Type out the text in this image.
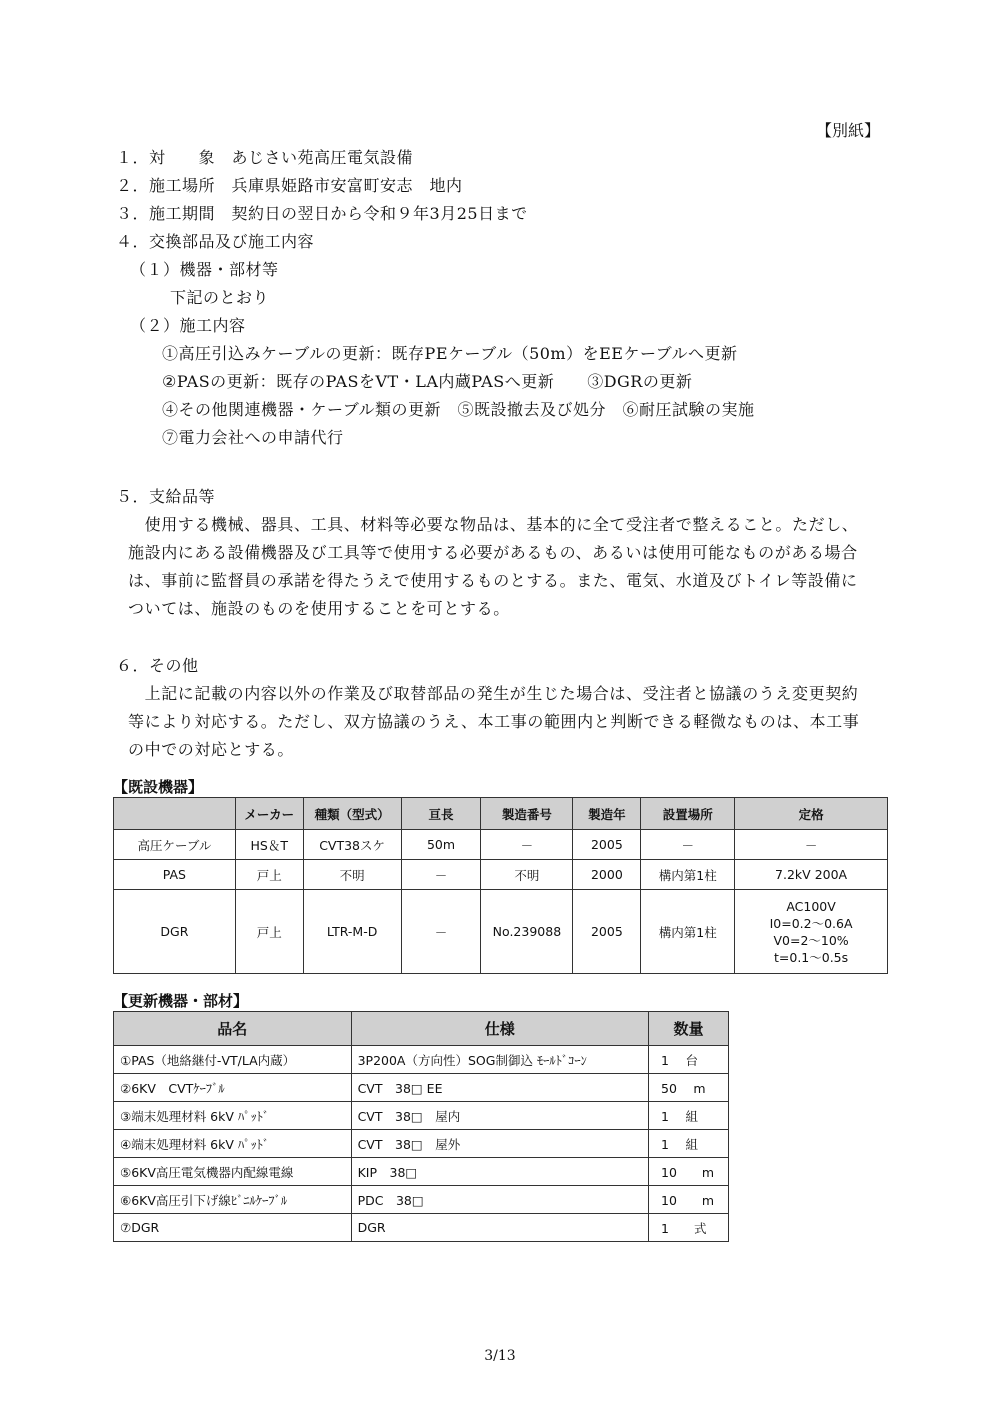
【別紙】
１．対　　象　 あじさい苑高圧電気設備
２．施工場所　 兵庫県姫路市安富町安志　地内
３．施工期間　 契約日の翌日から令和９年3月25日まで
４．交換部品及び施工内容
（１）機器・部材等
下記のとおり
（２）施工内容
①高圧引込みケーブルの更新：既存PEケーブル（50m）をEEケーブルへ更新
②PASの更新：既存のPASをVT・LA内蔵PASへ更新　　③DGRの更新
④その他関連機器・ケーブル類の更新　⑤既設撤去及び処分　⑥耐圧試験の実施
⑦電力会社への申請代行
５．支給品等
　使用する機械、器具、工具、材料等必要な物品は、基本的に全て受注者で整えること。ただし、
施設内にある設備機器及び工具等で使用する必要があるもの、あるいは使用可能なものがある場合
は、事前に監督員の承諾を得たうえで使用するものとする。また、電気、水道及びトイレ等設備に
ついては、施設のものを使用することを可とする。
６．その他
　上記に記載の内容以外の作業及び取替部品の発生が生じた場合は、受注者と協議のうえ変更契約
等により対応する。ただし、双方協議のうえ、本工事の範囲内と判断できる軽微なものは、本工事
の中での対応とする。
【既設機器】
	メーカー	種類（型式）	亘長	製造番号	製造年	設置場所	定格
高圧ケーブル	HS＆T	CVT38スケ	50m	－	2005	－	－
PAS	戸上	不明	－	不明	2000	構内第1柱	7.2kV 200A
DGR	戸上	LTR-M-D	－	No.239088	2005	構内第1柱	AC100V
I0=0.2～0.6A
V0=2～10%
t=0.1～0.5s
【更新機器・部材】
品名	仕様	数量
①PAS（地絡継付-VT/LA内蔵）	3P200A（方向性）SOG制御込 ﾓｰﾙﾄﾞｺｰﾝ	1　 台
②6KV　CVTｹｰﾌﾞﾙ	CVT　38□ EE	50　 m
③端末処理材料 6kV ﾊﾟｯﾄﾞ	CVT　38□　屋内	1　 組
④端末処理材料 6kV ﾊﾟｯﾄﾞ	CVT　38□　屋外	1　 組
⑤6KV高圧電気機器内配線電線	KIP　38□	10　　m
⑥6KV高圧引下げ線ﾋﾞﾆﾙｹｰﾌﾞﾙ	PDC　38□	10　　m
⑦DGR	DGR	1　　式
3/13
